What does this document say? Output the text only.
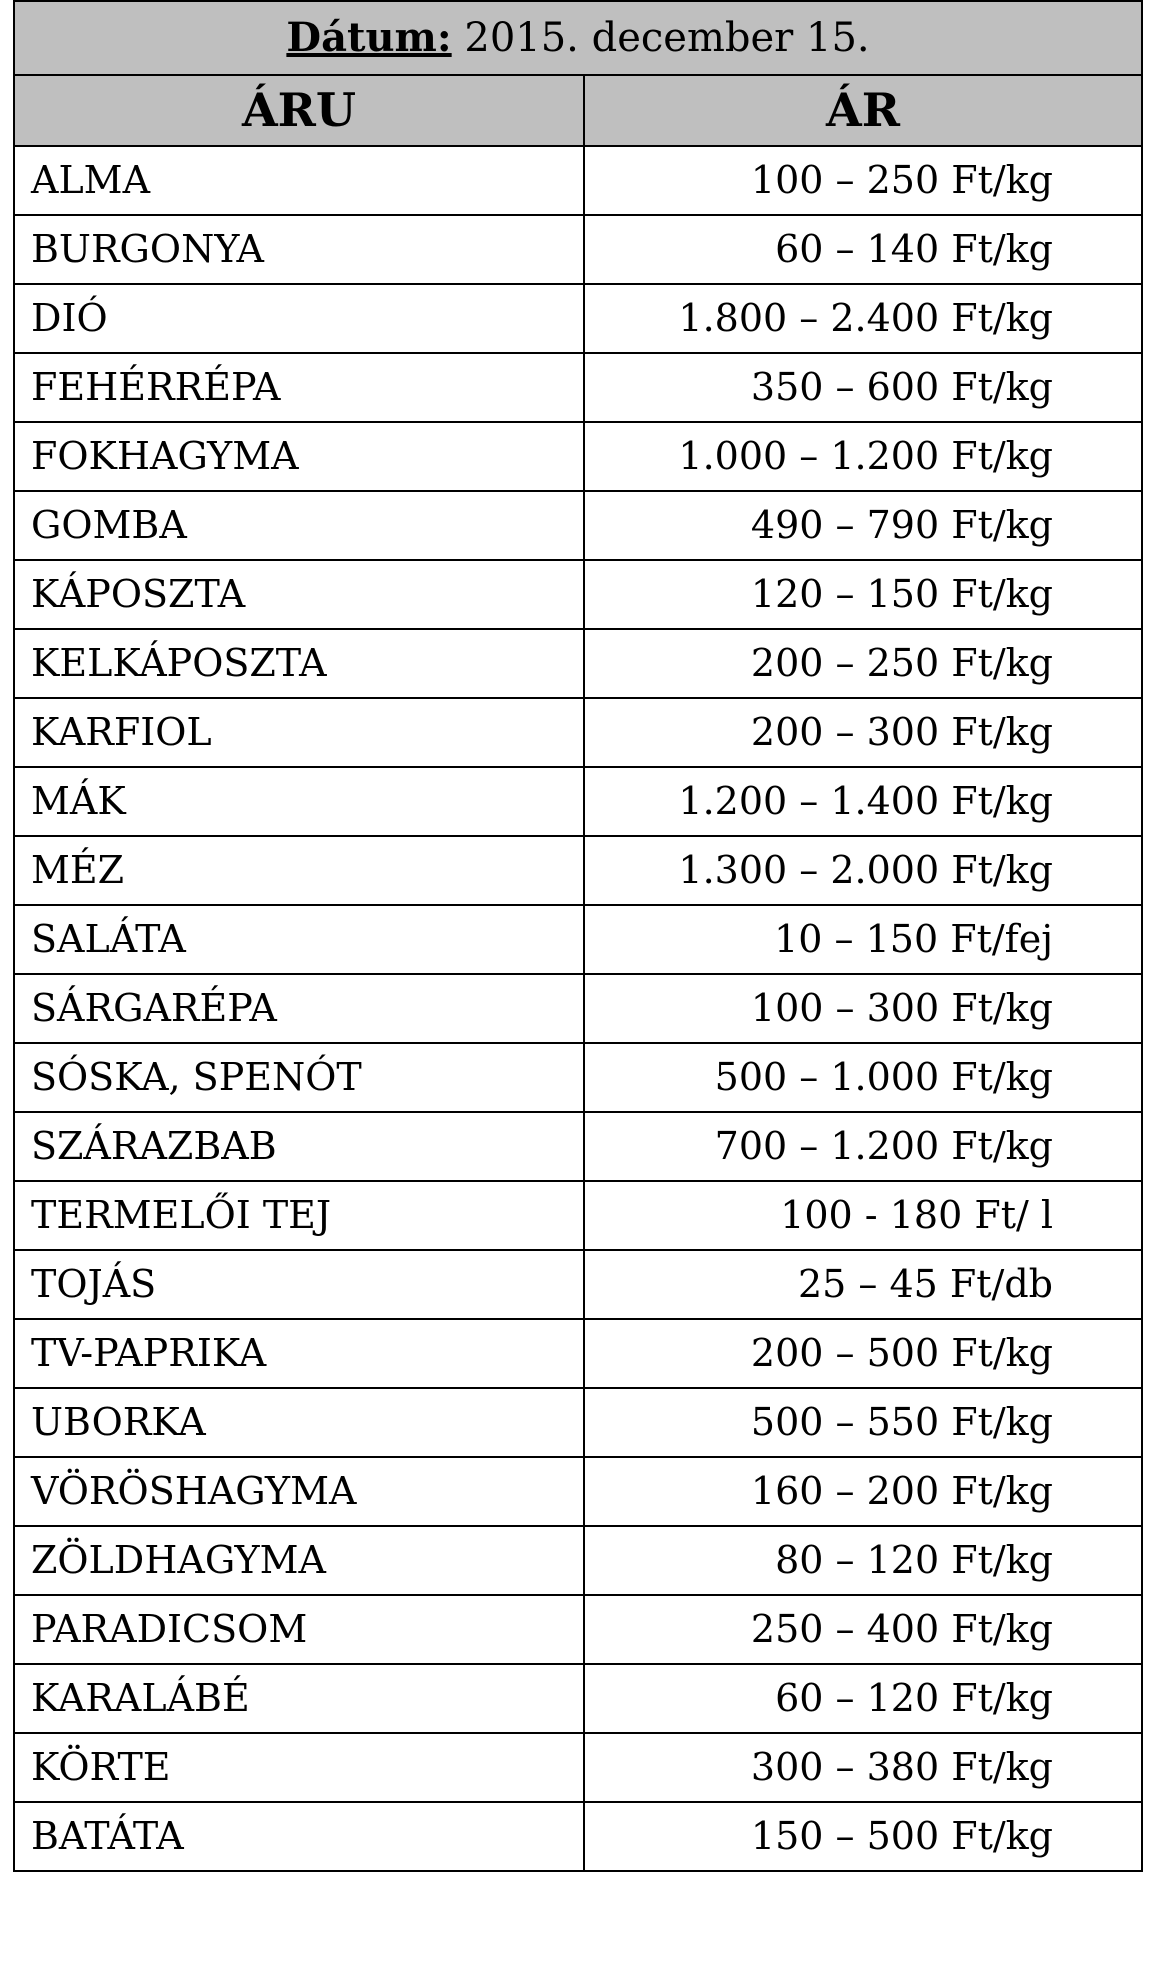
Dátum: 2015. december 15.	
ÁRU	ÁR
ALMA	100 – 250 Ft/kg
BURGONYA	60 – 140 Ft/kg
DIÓ	1.800 – 2.400 Ft/kg
FEHÉRRÉPA	350 – 600 Ft/kg
FOKHAGYMA	1.000 – 1.200 Ft/kg
GOMBA	490 – 790 Ft/kg
KÁPOSZTA	120 – 150 Ft/kg
KELKÁPOSZTA	200 – 250 Ft/kg
KARFIOL	200 – 300 Ft/kg
MÁK	1.200 – 1.400 Ft/kg
MÉZ	1.300 – 2.000 Ft/kg
SALÁTA	10 – 150 Ft/fej
SÁRGARÉPA	100 – 300 Ft/kg
SÓSKA, SPENÓT	500 – 1.000 Ft/kg
SZÁRAZBAB	700 – 1.200 Ft/kg
TERMELŐI TEJ	100 - 180 Ft/ l
TOJÁS	25 – 45 Ft/db
TV-PAPRIKA	200 – 500 Ft/kg
UBORKA	500 – 550 Ft/kg
VÖRÖSHAGYMA	160 – 200 Ft/kg
ZÖLDHAGYMA	80 – 120 Ft/kg
PARADICSOM	250 – 400 Ft/kg
KARALÁBÉ	60 – 120 Ft/kg
KÖRTE	300 – 380 Ft/kg
BATÁTA	150 – 500 Ft/kg
